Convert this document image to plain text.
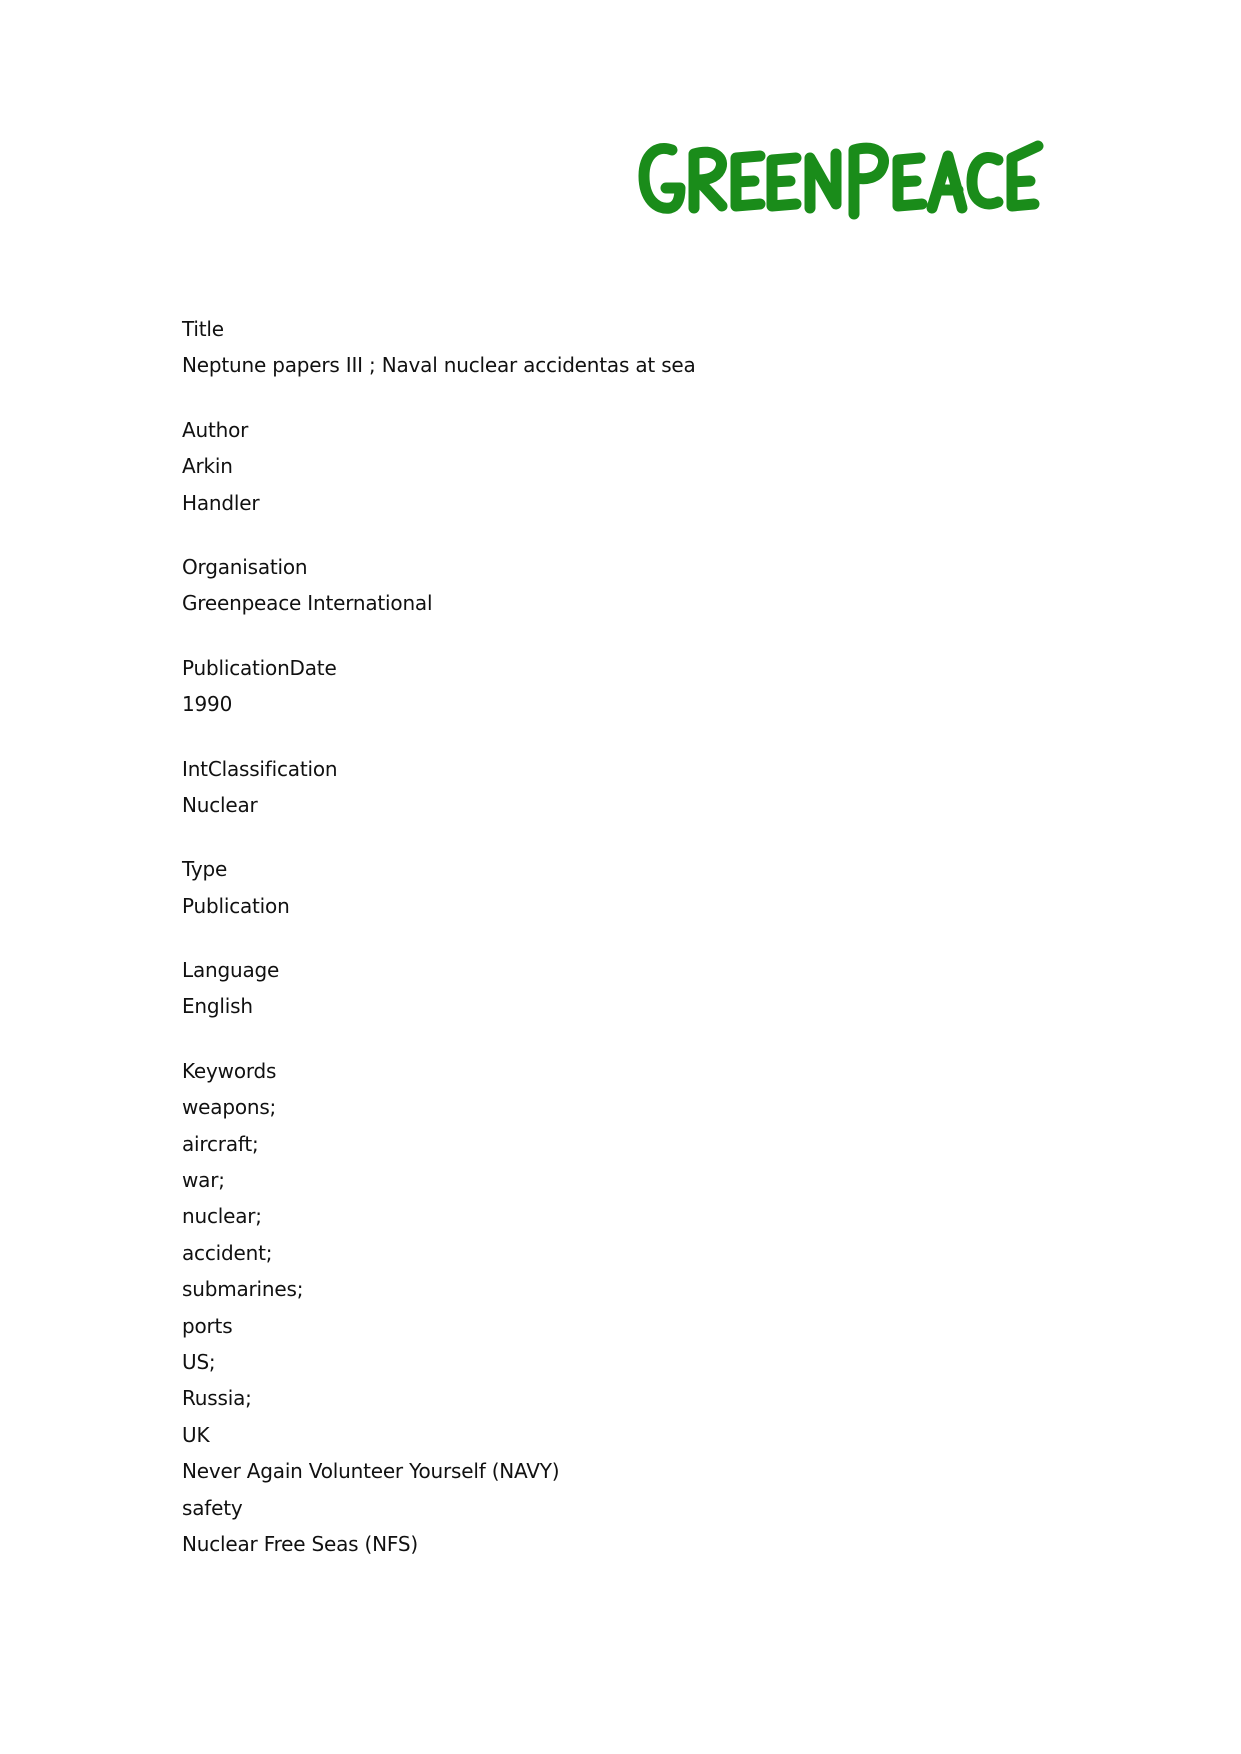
Title
Neptune papers III ; Naval nuclear accidentas at sea
Author
Arkin
Handler
Organisation
Greenpeace International
PublicationDate
1990
IntClassification
Nuclear
Type
Publication
Language
English
Keywords
weapons;
aircraft;
war;
nuclear;
accident;
submarines;
ports
US;
Russia;
UK
Never Again Volunteer Yourself (NAVY)
safety
Nuclear Free Seas (NFS)
